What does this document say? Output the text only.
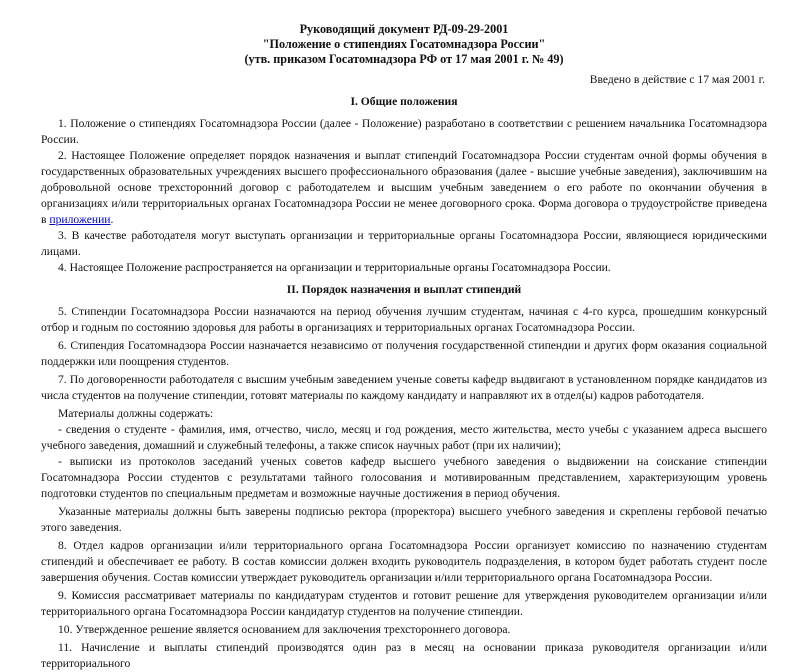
Руководящий документ РД-09-29-2001
"Положение о стипендиях Госатомнадзора России"
(утв. приказом Госатомнадзора РФ от 17 мая 2001 г. № 49)
Введено в действие с 17 мая 2001 г.
I. Общие положения

1. Положение о стипендиях Госатомнадзора России (далее - Положение) разработано в соответствии с решением начальника Госатомнадзора России.

2. Настоящее Положение определяет порядок назначения и выплат стипендий Госатомнадзора России студентам очной формы обучения в государственных образовательных учреждениях высшего профессионального образования (далее - высшие учебные заведения), заключившим на добровольной основе трехсторонний договор с работодателем и высшим учебным заведением о его работе по окончании обучения в организациях и/или территориальных органах Госатомнадзора России не менее договорного срока. Форма договора о трудоустройстве приведена в приложении.

3. В качестве работодателя могут выступать организации и территориальные органы Госатомнадзора России, являющиеся юридическими лицами.

4. Настоящее Положение распространяется на организации и территориальные органы Госатомнадзора России.

II. Порядок назначения и выплат стипендий

5. Стипендии Госатомнадзора России назначаются на период обучения лучшим студентам, начиная с 4-го курса, прошедшим конкурсный отбор и годным по состоянию здоровья для работы в организациях и территориальных органах Госатомнадзора России.

6. Стипендия Госатомнадзора России назначается независимо от получения государственной стипендии и других форм оказания социальной поддержки или поощрения студентов.

7. По договоренности работодателя с высшим учебным заведением ученые советы кафедр выдвигают в установленном порядке кандидатов из числа студентов на получение стипендии, готовят материалы по каждому кандидату и направляют их в отдел(ы) кадров работодателя.

Материалы должны содержать:

- сведения о студенте - фамилия, имя, отчество, число, месяц и год рождения, место жительства, место учебы с указанием адреса высшего учебного заведения, домашний и служебный телефоны, а также список научных работ (при их наличии);

- выписки из протоколов заседаний ученых советов кафедр высшего учебного заведения о выдвижении на соискание стипендии Госатомнадзора России студентов с результатами тайного голосования и мотивированным представлением, характеризующим уровень подготовки студентов по специальным предметам и возможные научные достижения в период обучения.

Указанные материалы должны быть заверены подписью ректора (проректора) высшего учебного заведения и скреплены гербовой печатью этого заведения.

8. Отдел кадров организации и/или территориального органа Госатомнадзора России организует комиссию по назначению студентам стипендий и обеспечивает ее работу. В состав комиссии должен входить руководитель подразделения, в котором будет работать студент после завершения обучения. Состав комиссии утверждает руководитель организации и/или территориального органа Госатомнадзора России.

9. Комиссия рассматривает материалы по кандидатурам студентов и готовит решение для утверждения руководителем организации и/или территориального органа Госатомнадзора России кандидатур студентов на получение стипендии.

10. Утвержденное решение является основанием для заключения трехстороннего договора.

11. Начисление и выплаты стипендий производятся один раз в месяц на основании приказа руководителя организации и/или территориального
